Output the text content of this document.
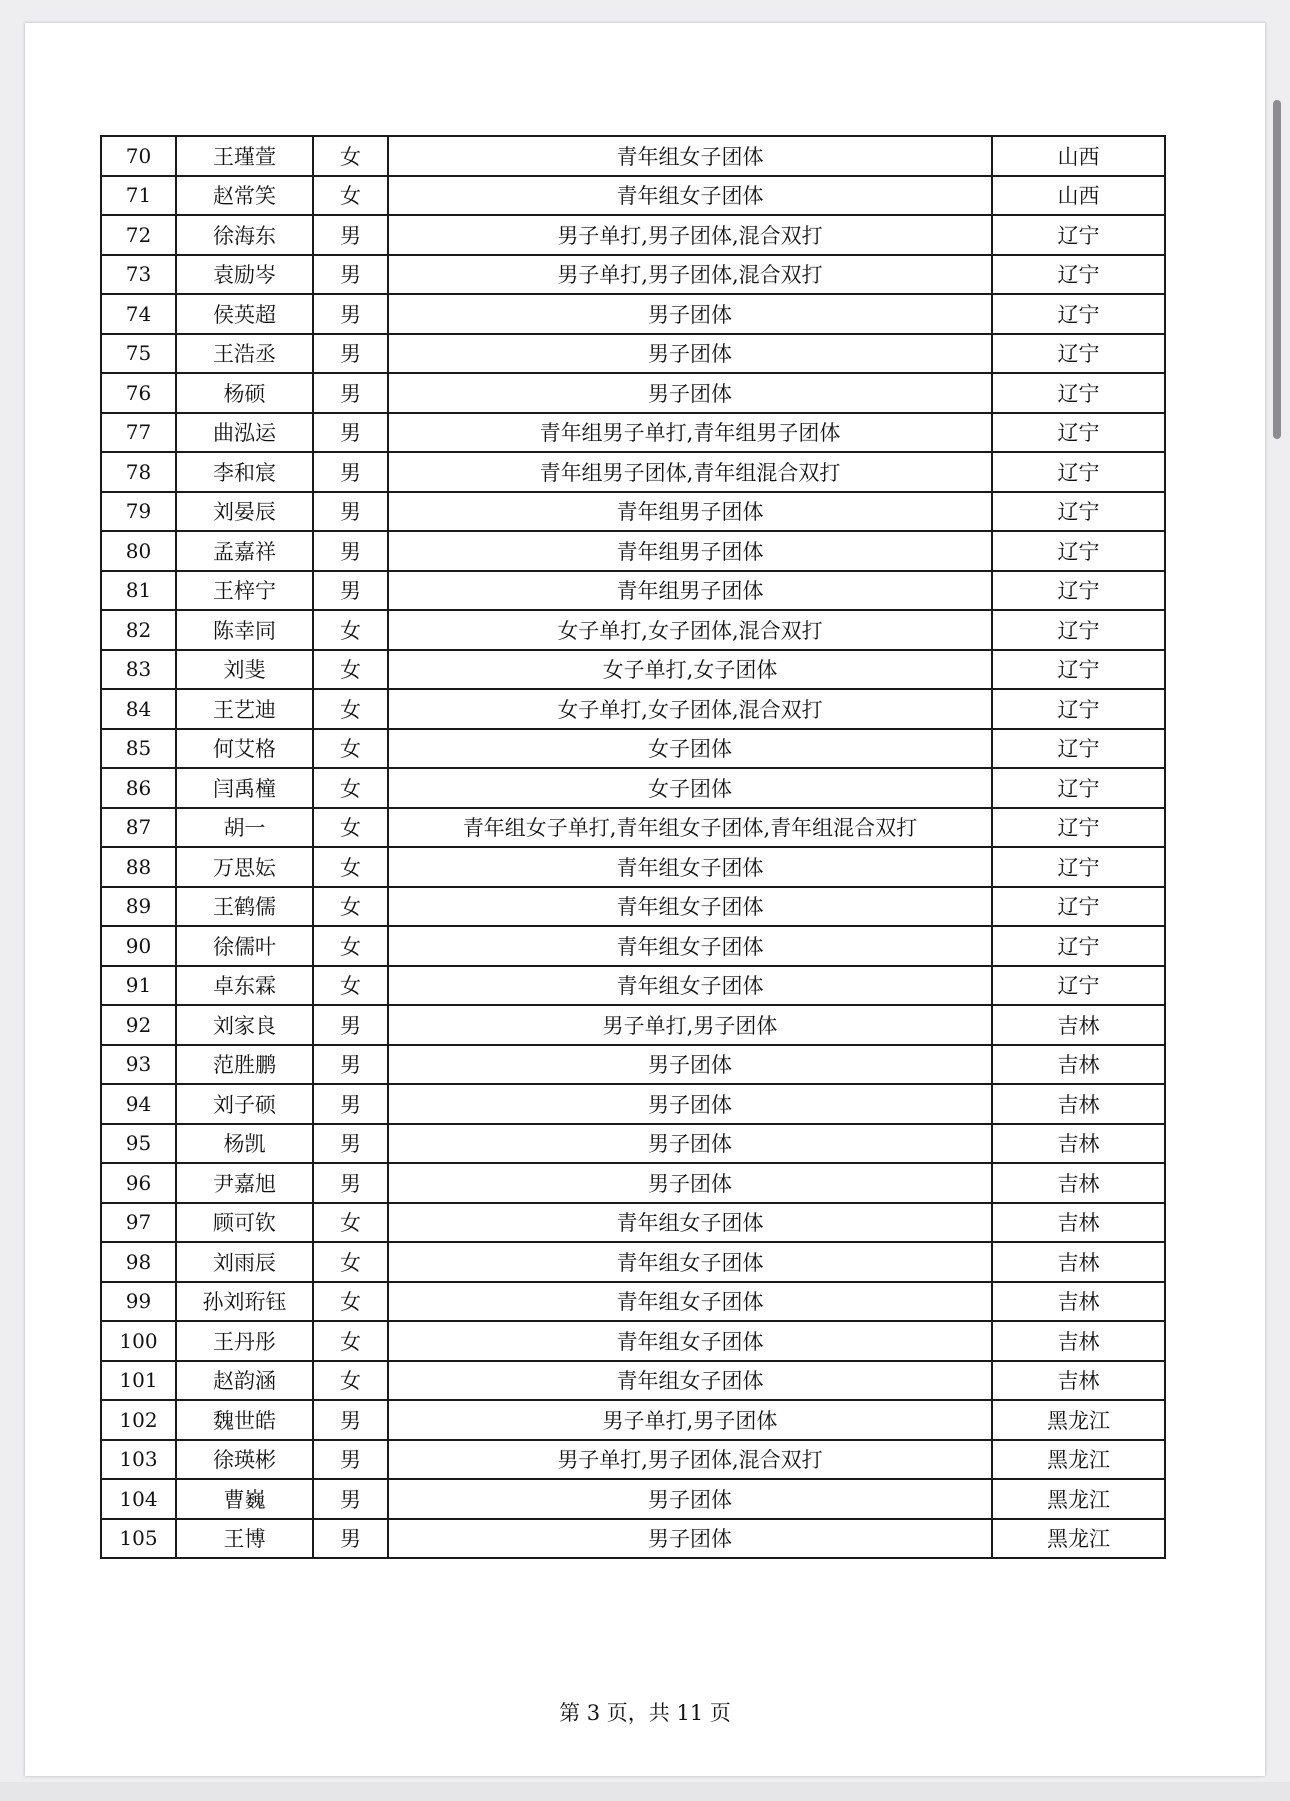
70	王瑾萱	女	青年组女子团体	山西
71	赵常笑	女	青年组女子团体	山西
72	徐海东	男	男子单打,男子团体,混合双打	辽宁
73	袁励岑	男	男子单打,男子团体,混合双打	辽宁
74	侯英超	男	男子团体	辽宁
75	王浩丞	男	男子团体	辽宁
76	杨硕	男	男子团体	辽宁
77	曲泓运	男	青年组男子单打,青年组男子团体	辽宁
78	李和宸	男	青年组男子团体,青年组混合双打	辽宁
79	刘晏辰	男	青年组男子团体	辽宁
80	孟嘉祥	男	青年组男子团体	辽宁
81	王梓宁	男	青年组男子团体	辽宁
82	陈幸同	女	女子单打,女子团体,混合双打	辽宁
83	刘斐	女	女子单打,女子团体	辽宁
84	王艺迪	女	女子单打,女子团体,混合双打	辽宁
85	何艾格	女	女子团体	辽宁
86	闫禹橦	女	女子团体	辽宁
87	胡一	女	青年组女子单打,青年组女子团体,青年组混合双打	辽宁
88	万思妘	女	青年组女子团体	辽宁
89	王鹤儒	女	青年组女子团体	辽宁
90	徐儒叶	女	青年组女子团体	辽宁
91	卓东霖	女	青年组女子团体	辽宁
92	刘家良	男	男子单打,男子团体	吉林
93	范胜鹏	男	男子团体	吉林
94	刘子硕	男	男子团体	吉林
95	杨凯	男	男子团体	吉林
96	尹嘉旭	男	男子团体	吉林
97	顾可钦	女	青年组女子团体	吉林
98	刘雨辰	女	青年组女子团体	吉林
99	孙刘珩钰	女	青年组女子团体	吉林
100	王丹彤	女	青年组女子团体	吉林
101	赵韵涵	女	青年组女子团体	吉林
102	魏世皓	男	男子单打,男子团体	黑龙江
103	徐瑛彬	男	男子单打,男子团体,混合双打	黑龙江
104	曹巍	男	男子团体	黑龙江
105	王博	男	男子团体	黑龙江
第 3 页，共 11 页
